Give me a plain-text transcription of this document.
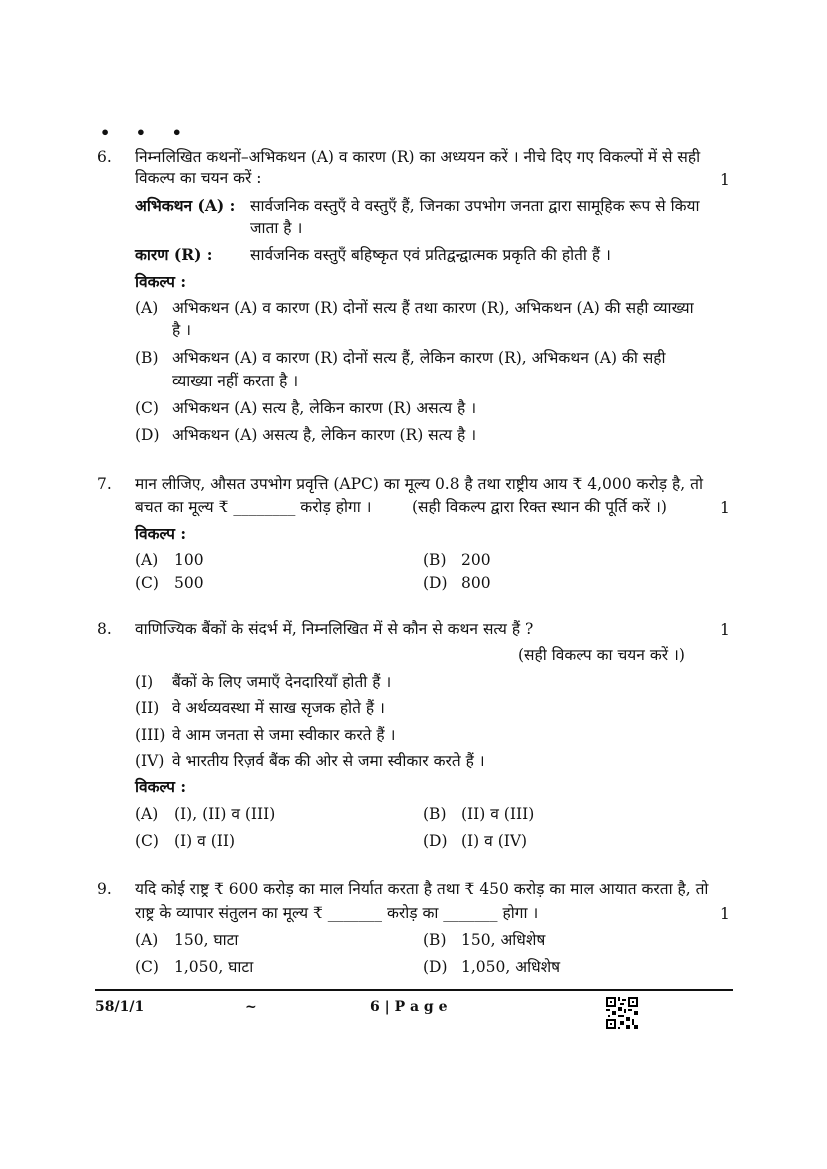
• • •
6. निम्नलिखित कथनों–अभिकथन (A) व कारण (R) का अध्ययन करें । नीचे दिए गए विकल्पों में से सही
विकल्प का चयन करें :	1
अभिकथन (A) : सार्वजनिक वस्तुएँ वे वस्तुएँ हैं, जिनका उपभोग जनता द्वारा सामूहिक रूप से किया
जाता है ।
कारण (R) : सार्वजनिक वस्तुएँ बहिष्कृत एवं प्रतिद्वन्द्वात्मक प्रकृति की होती हैं ।
विकल्प :
(A) अभिकथन (A) व कारण (R) दोनों सत्य हैं तथा कारण (R), अभिकथन (A) की सही व्याख्या
है ।
(B) अभिकथन (A) व कारण (R) दोनों सत्य हैं, लेकिन कारण (R), अभिकथन (A) की सही
व्याख्या नहीं करता है ।
(C) अभिकथन (A) सत्य है, लेकिन कारण (R) असत्य है ।
(D) अभिकथन (A) असत्य है, लेकिन कारण (R) सत्य है ।
7. मान लीजिए, औसत उपभोग प्रवृत्ति (APC) का मूल्य 0.8 है तथा राष्ट्रीय आय ₹ 4,000 करोड़ है, तो
बचत का मूल्य ₹ ________ करोड़ होगा ।	(सही विकल्प द्वारा रिक्त स्थान की पूर्ति करें ।)	1
विकल्प :
(A) 100	(B) 200
(C) 500	(D) 800
8. वाणिज्यिक बैंकों के संदर्भ में, निम्नलिखित में से कौन से कथन सत्य हैं ?	1
(सही विकल्प का चयन करें ।)
(I) बैंकों के लिए जमाएँ देनदारियाँ होती हैं ।
(II) वे अर्थव्यवस्था में साख सृजक होते हैं ।
(III) वे आम जनता से जमा स्वीकार करते हैं ।
(IV) वे भारतीय रिज़र्व बैंक की ओर से जमा स्वीकार करते हैं ।
विकल्प :
(A) (I), (II) व (III)	(B) (II) व (III)
(C) (I) व (II)	(D) (I) व (IV)
9. यदि कोई राष्ट्र ₹ 600 करोड़ का माल निर्यात करता है तथा ₹ 450 करोड़ का माल आयात करता है, तो
राष्ट्र के व्यापार संतुलन का मूल्य ₹ _______ करोड़ का _______ होगा ।	1
(A) 150, घाटा	(B) 150, अधिशेष
(C) 1,050, घाटा	(D) 1,050, अधिशेष
58/1/1	~	6 | P a g e
